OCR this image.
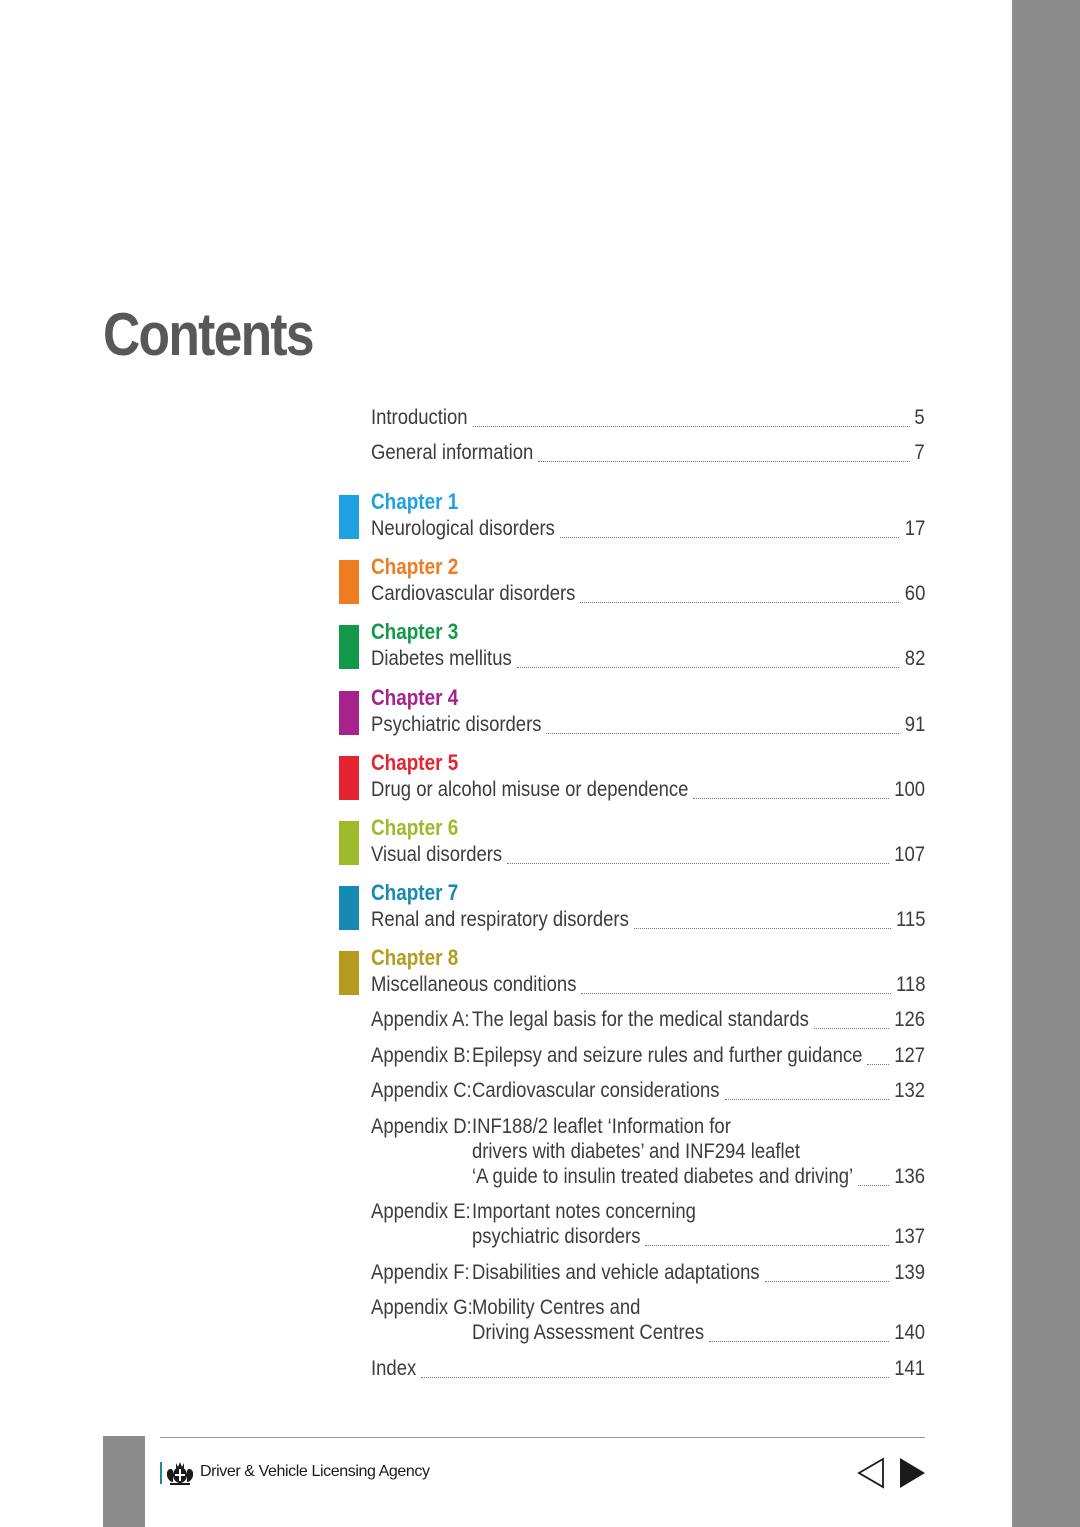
Contents
Introduction	5
General information	7
Chapter 1
Neurological disorders	17
Chapter 2
Cardiovascular disorders	60
Chapter 3
Diabetes mellitus	82
Chapter 4
Psychiatric disorders	91
Chapter 5
Drug or alcohol misuse or dependence	100
Chapter 6
Visual disorders	107
Chapter 7
Renal and respiratory disorders	115
Chapter 8
Miscellaneous conditions	118
Appendix A: The legal basis for the medical standards	126
Appendix B: Epilepsy and seizure rules and further guidance 127
Appendix C: Cardiovascular considerations	132
Appendix D: INF188/2 leaflet ‘Information for
drivers with diabetes’ and INF294 leaflet
‘A guide to insulin treated diabetes and driving’ 136
Appendix E: Important notes concerning
psychiatric disorders	137
Appendix F: Disabilities and vehicle adaptations	139
Appendix G: Mobility Centres and
Driving Assessment Centres	140
Index	141
Driver & Vehicle Licensing Agency
